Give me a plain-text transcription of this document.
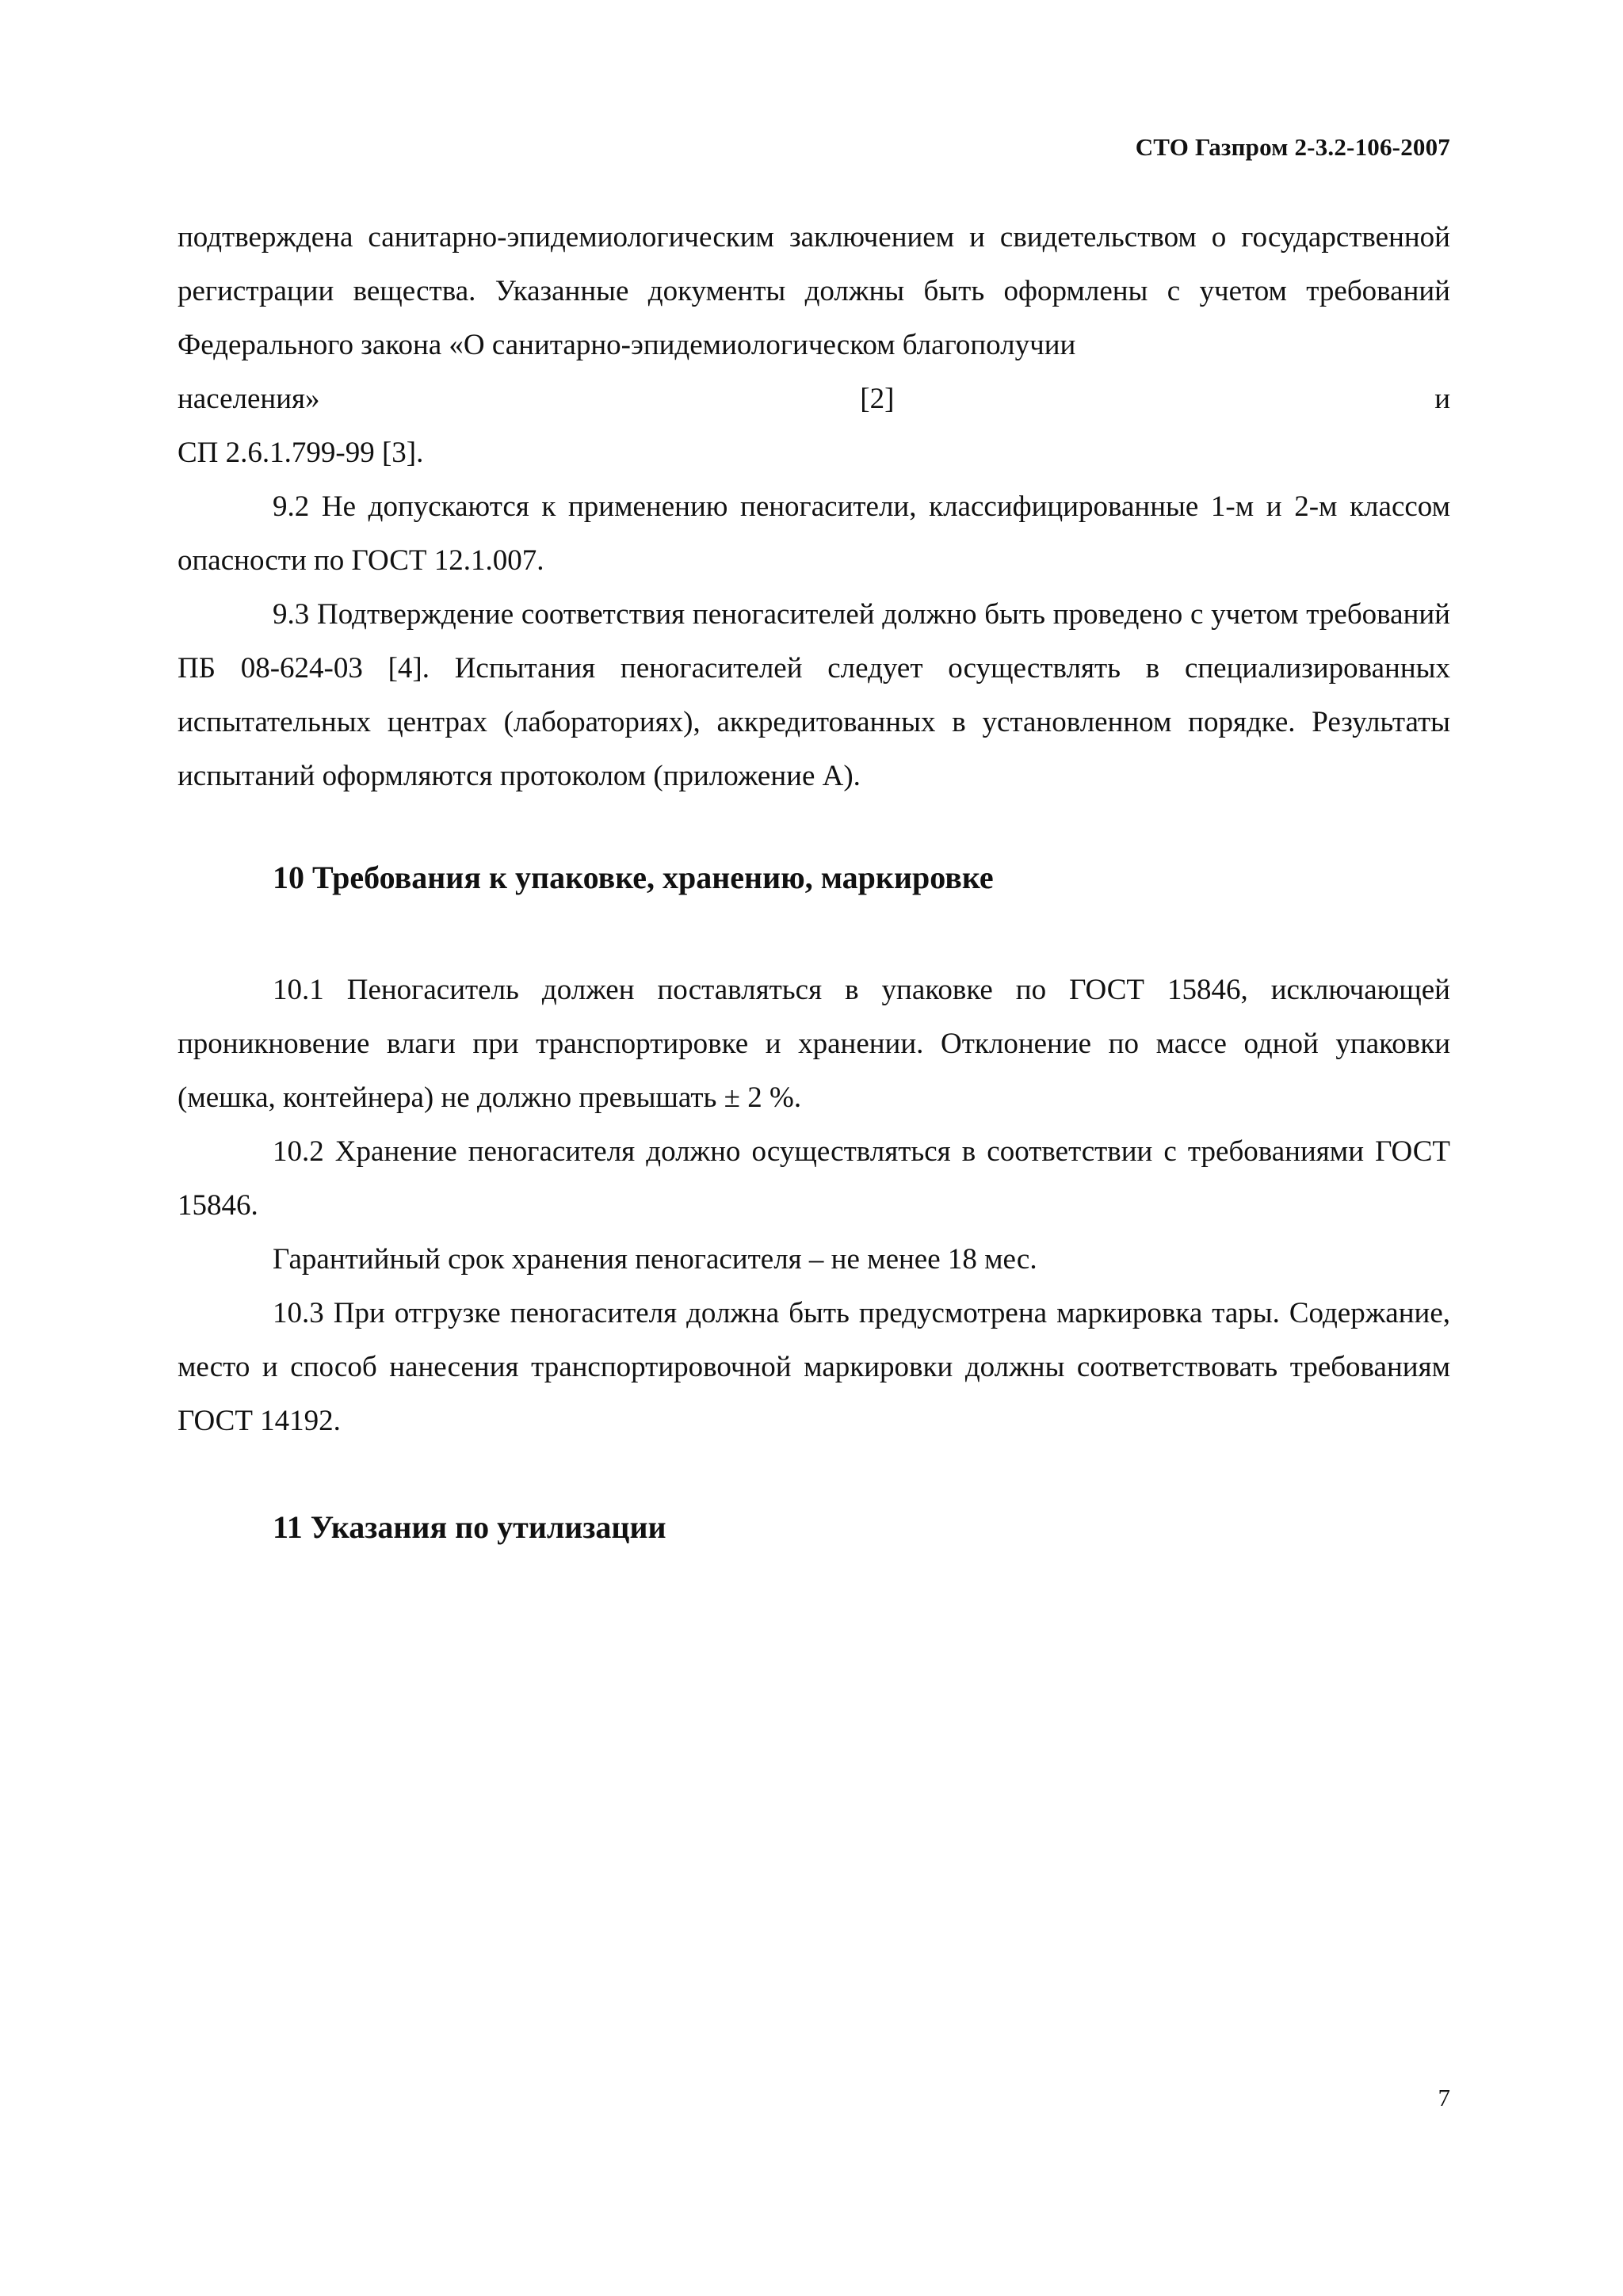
СТО Газпром 2-3.2-106-2007

подтверждена санитарно-эпидемиологическим заключением и свидетельством о государственной регистрации вещества. Указанные документы должны быть оформлены с учетом требований Федерального закона «О санитарно-эпидемиологическом благополучии

населения»	[2]	и

СП 2.6.1.799-99 [3].

9.2 Не допускаются к применению пеногасители, классифицированные 1-м и 2-м классом опасности по ГОСТ 12.1.007.

9.3 Подтверждение соответствия пеногасителей должно быть проведено с учетом требований ПБ 08-624-03 [4]. Испытания пеногасителей следует осуществлять в специализированных испытательных центрах (лабораториях), аккредитованных в установленном порядке. Результаты испытаний оформляются протоколом (приложение А).

10 Требования к упаковке, хранению, маркировке

10.1 Пеногаситель должен поставляться в упаковке по ГОСТ 15846, исключающей проникновение влаги при транспортировке и хранении. Отклонение по массе одной упаковки (мешка, контейнера) не должно превышать ± 2 %.

10.2 Хранение пеногасителя должно осуществляться в соответствии с требованиями ГОСТ 15846.

Гарантийный срок хранения пеногасителя – не менее 18 мес.

10.3 При отгрузке пеногасителя должна быть предусмотрена маркировка тары. Содержание, место и способ нанесения транспортировочной маркировки должны соответствовать требованиям ГОСТ 14192.

11 Указания по утилизации
7
